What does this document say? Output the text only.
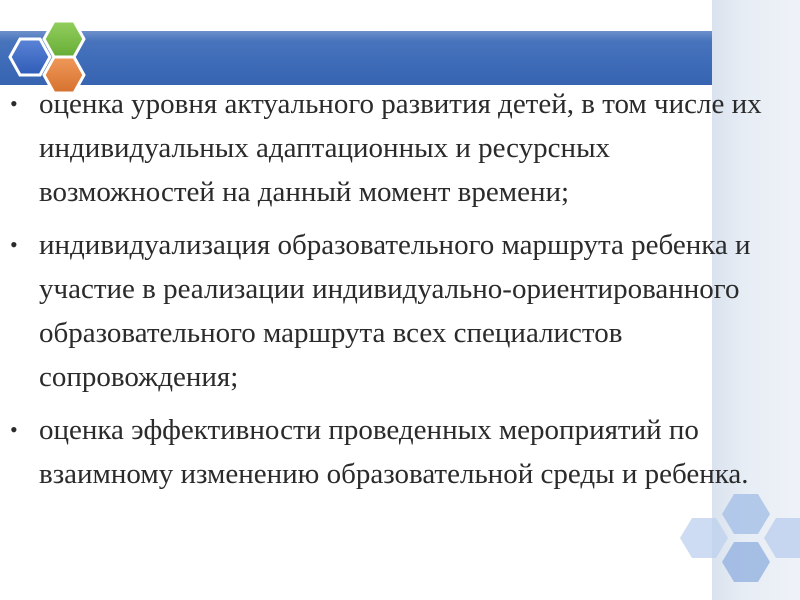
• оценка уровня актуального развития детей, в том числе их индивидуальных адаптационных и ресурсных возможностей на данный момент времени;
• индивидуализация образовательного маршрута ребенка и участие в реализации индивидуально-ориентированного образовательного маршрута всех специалистов сопровождения;
• оценка эффективности проведенных мероприятий по взаимному изменению образовательной среды и ребенка.
